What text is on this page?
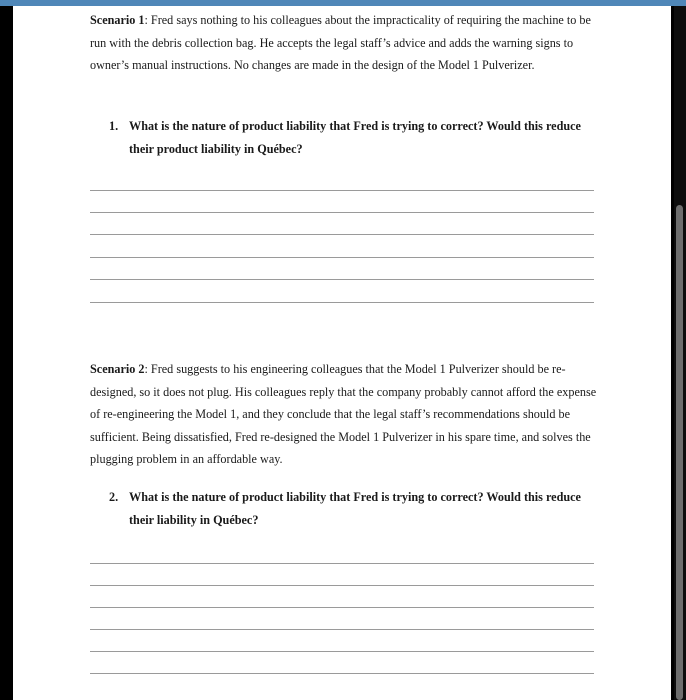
Scenario 1: Fred says nothing to his colleagues about the impracticality of requiring the machine to be run with the debris collection bag. He accepts the legal staff’s advice and adds the warning signs to owner’s manual instructions. No changes are made in the design of the Model 1 Pulverizer.

1. What is the nature of product liability that Fred is trying to correct? Would this reduce their product liability in Québec?

Scenario 2: Fred suggests to his engineering colleagues that the Model 1 Pulverizer should be re-designed, so it does not plug. His colleagues reply that the company probably cannot afford the expense of re-engineering the Model 1, and they conclude that the legal staff’s recommendations should be sufficient. Being dissatisfied, Fred re-designed the Model 1 Pulverizer in his spare time, and solves the plugging problem in an affordable way.

2. What is the nature of product liability that Fred is trying to correct? Would this reduce their liability in Québec?
